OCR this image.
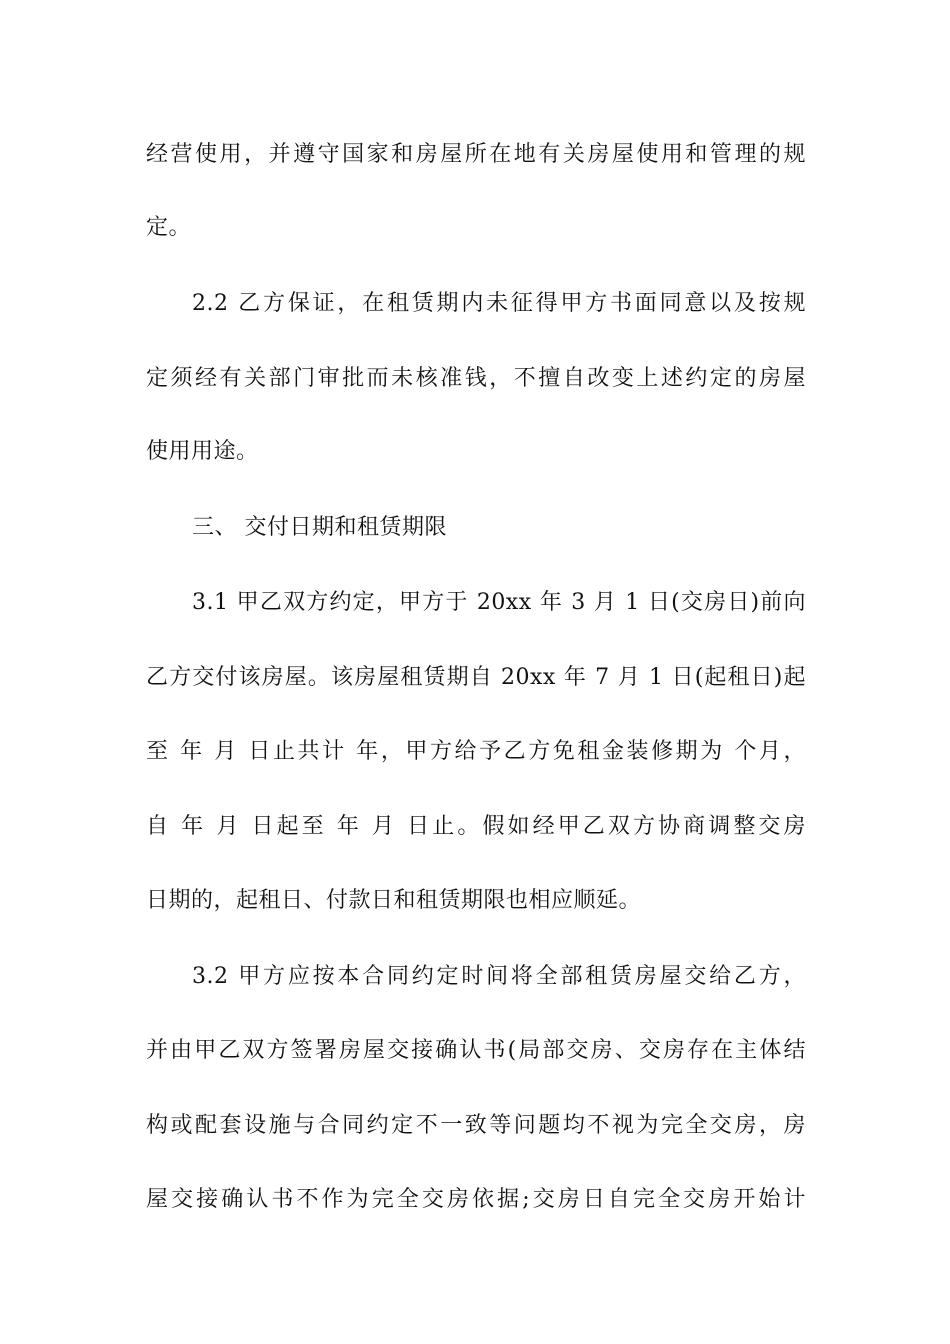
经营使用，并遵守国家和房屋所在地有关房屋使用和管理的规
定。
2.2 乙方保证，在租赁期内未征得甲方书面同意以及按规
定须经有关部门审批而未核准钱，不擅自改变上述约定的房屋
使用用途。
三、 交付日期和租赁期限
3.1 甲乙双方约定，甲方于 20xx 年 3 月 1 日(交房日)前向
乙方交付该房屋。该房屋租赁期自 20xx 年 7 月 1 日(起租日)起
至 年 月 日止共计 年，甲方给予乙方免租金装修期为 个月，
自 年 月 日起至 年 月 日止。假如经甲乙双方协商调整交房
日期的，起租日、付款日和租赁期限也相应顺延。
3.2 甲方应按本合同约定时间将全部租赁房屋交给乙方，
并由甲乙双方签署房屋交接确认书(局部交房、交房存在主体结
构或配套设施与合同约定不一致等问题均不视为完全交房，房
屋交接确认书不作为完全交房依据;交房日自完全交房开始计
